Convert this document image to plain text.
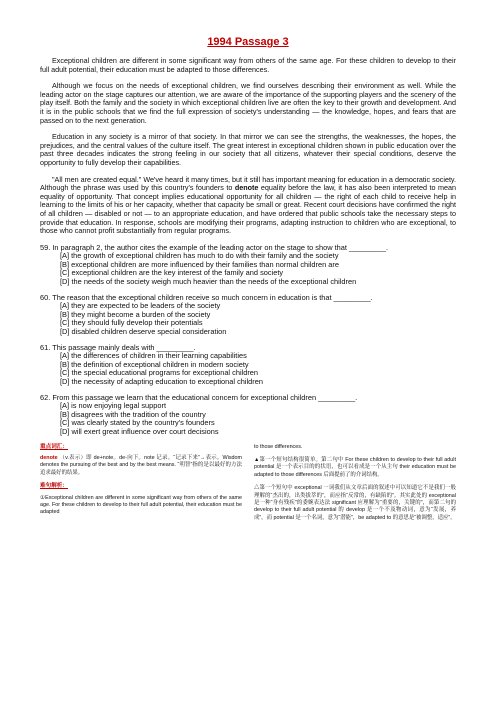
1994 Passage 3

Exceptional children are different in some significant way from others of the same age. For these children to develop to their full adult potential, their education must be adapted to those differences.

Although we focus on the needs of exceptional children, we find ourselves describing their environment as well. While the leading actor on the stage captures our attention, we are aware of the importance of the supporting players and the scenery of the play itself. Both the family and the society in which exceptional children live are often the key to their growth and development. And it is in the public schools that we find the full expression of society's understanding — the knowledge, hopes, and fears that are passed on to the next generation.

Education in any society is a mirror of that society. In that mirror we can see the strengths, the weaknesses, the hopes, the prejudices, and the central values of the culture itself. The great interest in exceptional children shown in public education over the past three decades indicates the strong feeling in our society that all citizens, whatever their special conditions, deserve the opportunity to fully develop their capabilities.

"All men are created equal." We've heard it many times, but it still has important meaning for education in a democratic society. Although the phrase was used by this country's founders to denote equality before the law, it has also been interpreted to mean equality of opportunity. That concept implies educational opportunity for all children — the right of each child to receive help in learning to the limits of his or her capacity, whether that capacity be small or great. Recent court decisions have confirmed the right of all children — disabled or not — to an appropriate education, and have ordered that public schools take the necessary steps to provide that education. In response, schools are modifying their programs, adapting instruction to children who are exceptional, to those who cannot profit substantially from regular programs.

59. In paragraph 2, the author cites the example of the leading actor on the stage to show that _________.
[A] the growth of exceptional children has much to do with their family and the society
[B] exceptional children are more influenced by their families than normal children are
[C] exceptional children are the key interest of the family and society
[D] the needs of the society weigh much heavier than the needs of the exceptional children
60. The reason that the exceptional children receive so much concern in education is that _________.
[A] they are expected to be leaders of the society
[B] they might become a burden of the society
[C] they should fully develop their potentials
[D] disabled children deserve special consideration
61. This passage mainly deals with _________.
[A] the differences of children in their learning capabilities
[B] the definition of exceptional children in modern society
[C] the special educational programs for exceptional children
[D] the necessity of adapting education to exceptional children
62. From this passage we learn that the educational concern for exceptional children _________.
[A] is now enjoying legal support
[B] disagrees with the tradition of the country
[C] was clearly stated by the country's founders
[D] will exert great influence over court decisions
重点词汇：

denote （v.表示）即 de+note。de-向下。note 记录。“记录下来”→表示。Wisdom denotes the pursuing of the best and by the best means. “明智”指的是以最好的方法追求最好的结果。

难句解析：

①Exceptional children are different in some significant way from others of the same age. For these children to develop to their full adult potential, their education must be adapted

to those differences.

▲第一个短句结构很简单。第二句中 For these children to develop to their full adult potential 是一个表示目的的状语，也可以看成是一个从主句 their education must be adapted to those differences 后面提前了的介词结构。

△第一个短句中 exceptional 一词我们从文章后面的叙述中可以知道它不是我们一般理解的“杰出的，出类拔萃的”，而应指“反常的，有缺陷的”。其实此处的 exceptional 是一种“身有残疾”的委婉表达法 significant 应理解为“重要的，关键的”，而第二句的 develop to their full adult potential 的 develop 是一个不及物动词，意为“发展，养成”，而 potential 是一个名词，意为“潜能”，be adapted to 的意思是“被调整，适应”。
